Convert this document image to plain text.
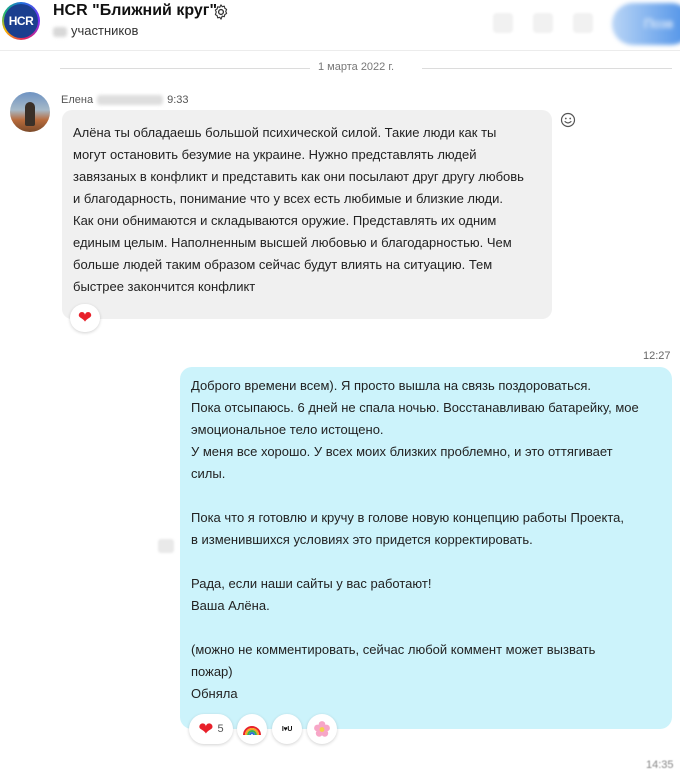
HCR
HCR "Ближний круг"
участников	Позв
1 марта 2022 г.
Елена	9:33
Алёна ты обладаешь большой психической силой. Такие люди как ты
могут остановить безумие на украине. Нужно представлять людей
завязаных в конфликт и представить как они посылают друг другу любовь
и благодарность, понимание что у всех есть любимые и близкие люди.
Как они обнимаются и складываются оружие. Представлять их одним
единым целым. Наполненным высшей любовью и благодарностью. Чем
больше людей таким образом сейчас будут влиять на ситуацию. Тем
быстрее закончится конфликт
❤
12:27
Доброго времени всем). Я просто вышла на связь поздороваться.
Пока отсыпаюсь. 6 дней не спала ночью. Восстанавливаю батарейку, мое
эмоциональное тело истощено.
У меня все хорошо. У всех моих близких проблемно, и это оттягивает
силы.

Пока что я готовлю и кручу в голове новую концепцию работы Проекта,
в изменившихся условиях это придется корректировать.

Рада, если наши сайты у вас работают!
Ваша Алёна.

(можно не комментировать, сейчас любой коммент может вызвать
пожар)
Обняла
❤ 5	I♥U
14:35
